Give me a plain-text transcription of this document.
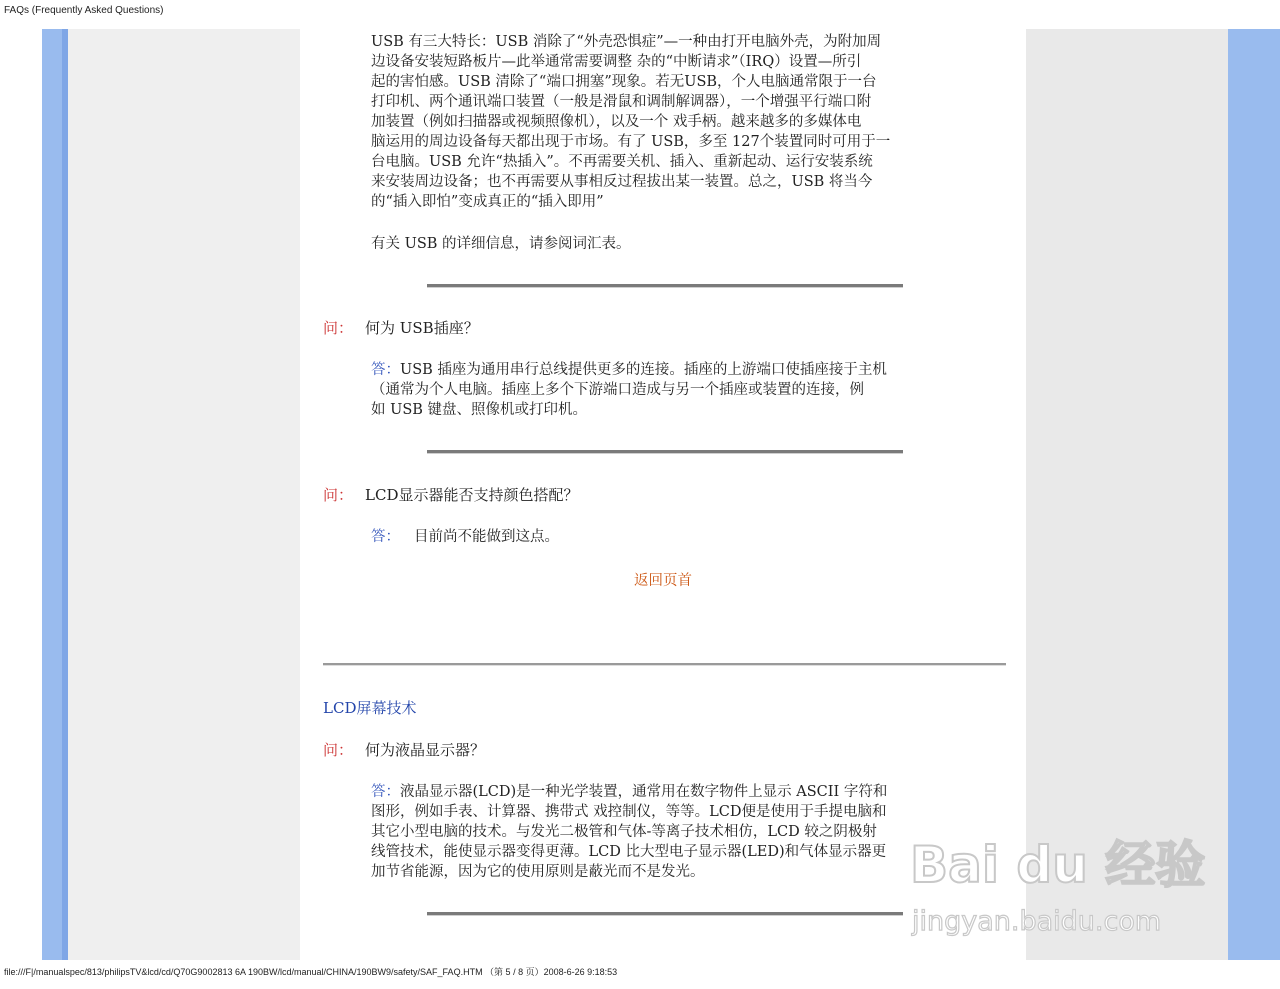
FAQs (Frequently Asked Questions)
USB 有三大特长：USB 消除了“外壳恐惧症”—一种由打开电脑外壳，为附加周
边设备安装短路板片—此举通常需要调整 杂的“中断请求”（IRQ）设置—所引
起的害怕感。USB 清除了“端口拥塞”现象。若无USB，个人电脑通常限于一台
打印机、两个通讯端口装置（一般是滑鼠和调制解调器），一个增强平行端口附
加装置（例如扫描器或视频照像机），以及一个 戏手柄。越来越多的多媒体电
脑运用的周边设备每天都出现于市场。有了 USB，多至 127个装置同时可用于一
台电脑。USB 允许“热插入”。不再需要关机、插入、重新起动、运行安装系统
来安装周边设备；也不再需要从事相反过程拔出某一装置。总之，USB 将当今
的“插入即怕”变成真正的“插入即用”
有关 USB 的详细信息，请参阅词汇表。
问： 何为 USB插座？
答：USB 插座为通用串行总线提供更多的连接。插座的上游端口使插座接于主机
（通常为个人电脑。插座上多个下游端口造成与另一个插座或装置的连接，例
如 USB 键盘、照像机或打印机。
问： LCD显示器能否支持颜色搭配？
答： 目前尚不能做到这点。
返回页首
LCD屏幕技术
问： 何为液晶显示器？
答：液晶显示器(LCD)是一种光学装置，通常用在数字物件上显示 ASCII 字符和
图形，例如手表、计算器、携带式 戏控制仪，等等。LCD便是使用于手提电脑和
其它小型电脑的技术。与发光二极管和气体-等离子技术相仿，LCD 较之阴极射
线管技术，能使显示器变得更薄。LCD 比大型电子显示器(LED)和气体显示器更
加节省能源，因为它的使用原则是蔽光而不是发光。	Bai du 经验
jingyan.baidu.com
file:///F|/manualspec/813/philipsTV&lcd/cd/Q70G9002813 6A 190BW/lcd/manual/CHINA/190BW9/safety/SAF_FAQ.HTM （第 5 / 8 页）2008-6-26 9:18:53
